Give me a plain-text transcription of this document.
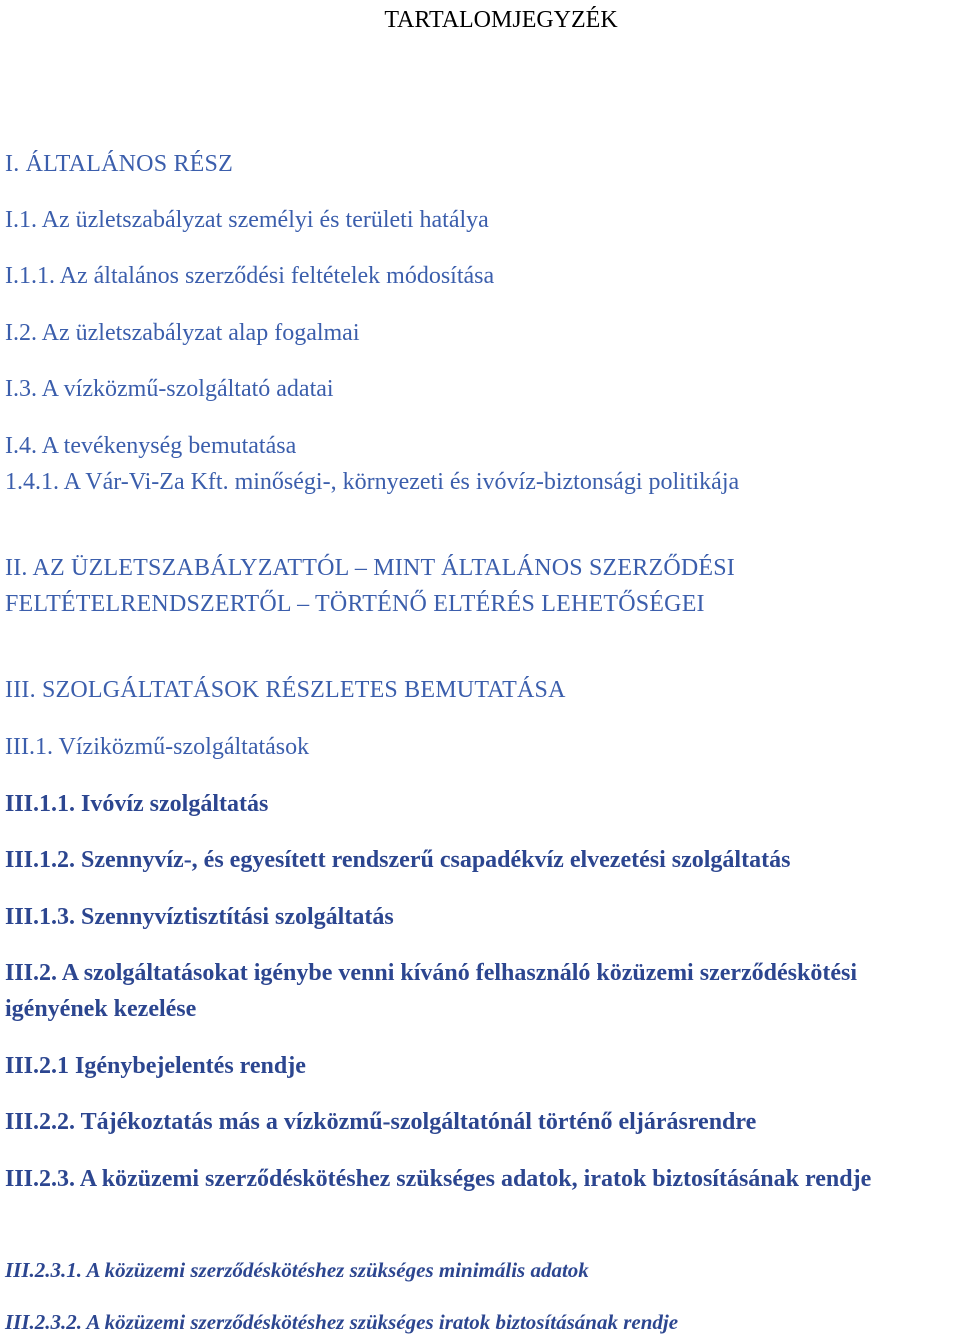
TARTALOMJEGYZÉK

I. ÁLTALÁNOS RÉSZ

I.1. Az üzletszabályzat személyi és területi hatálya

I.1.1. Az általános szerződési feltételek módosítása

I.2. Az üzletszabályzat alap fogalmai

I.3. A vízközmű-szolgáltató adatai

I.4. A tevékenység bemutatása

1.4.1. A Vár-Vi-Za Kft. minőségi-, környezeti és ivóvíz-biztonsági politikája

II. AZ ÜZLETSZABÁLYZATTÓL – MINT ÁLTALÁNOS SZERZŐDÉSI FELTÉTELRENDSZERTŐL – TÖRTÉNŐ ELTÉRÉS LEHETŐSÉGEI

III. SZOLGÁLTATÁSOK RÉSZLETES BEMUTATÁSA

III.1. Víziközmű-szolgáltatások

III.1.1. Ivóvíz szolgáltatás

III.1.2. Szennyvíz-, és egyesített rendszerű csapadékvíz elvezetési szolgáltatás

III.1.3. Szennyvíztisztítási szolgáltatás

III.2. A szolgáltatásokat igénybe venni kívánó felhasználó közüzemi szerződéskötési igényének kezelése

III.2.1 Igénybejelentés rendje

III.2.2. Tájékoztatás más a vízközmű-szolgáltatónál történő eljárásrendre

III.2.3. A közüzemi szerződéskötéshez szükséges adatok, iratok biztosításának rendje

III.2.3.1. A közüzemi szerződéskötéshez szükséges minimális adatok

III.2.3.2. A közüzemi szerződéskötéshez szükséges iratok biztosításának rendje
